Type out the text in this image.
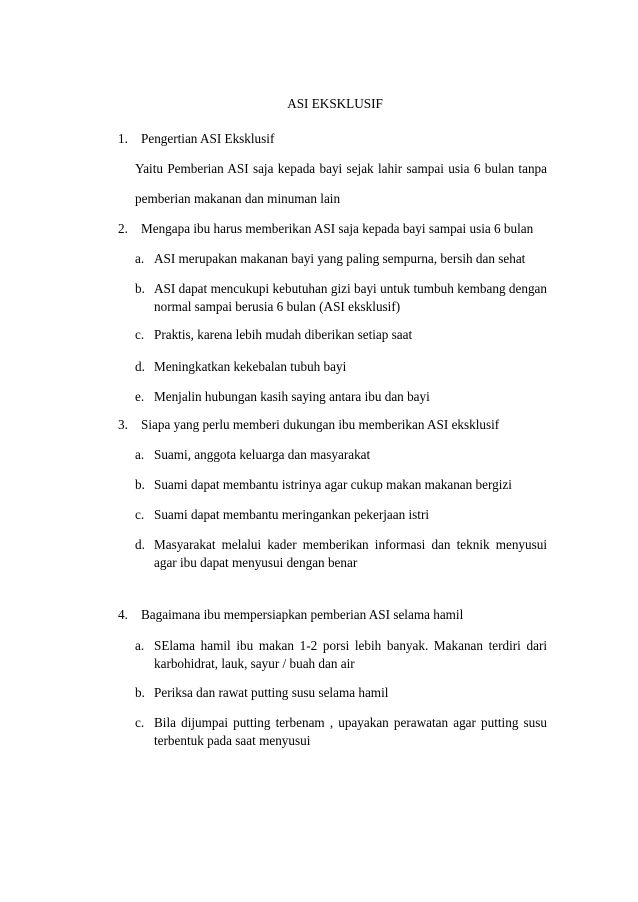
ASI EKSKLUSIF
1. Pengertian ASI Eksklusif
Yaitu Pemberian ASI saja kepada bayi sejak lahir sampai usia 6 bulan tanpa
pemberian makanan dan minuman lain
2. Mengapa ibu harus memberikan ASI saja kepada bayi sampai usia 6 bulan
a. ASI merupakan makanan bayi yang paling sempurna, bersih dan sehat
b. ASI dapat mencukupi kebutuhan gizi bayi untuk tumbuh kembang dengan normal sampai berusia 6 bulan (ASI eksklusif)
c. Praktis, karena lebih mudah diberikan setiap saat
d. Meningkatkan kekebalan tubuh bayi
e. Menjalin hubungan kasih saying antara ibu dan bayi
3. Siapa yang perlu memberi dukungan ibu memberikan ASI eksklusif
a. Suami, anggota keluarga dan masyarakat
b. Suami dapat membantu istrinya agar cukup makan makanan bergizi
c. Suami dapat membantu meringankan pekerjaan istri
d. Masyarakat melalui kader memberikan informasi dan teknik menyusui agar ibu dapat menyusui dengan benar
4. Bagaimana ibu mempersiapkan pemberian ASI selama hamil
a. SElama hamil ibu makan 1-2 porsi lebih banyak. Makanan terdiri dari karbohidrat, lauk, sayur / buah dan air
b. Periksa dan rawat putting susu selama hamil
c. Bila dijumpai putting terbenam , upayakan perawatan agar putting susu terbentuk pada saat menyusui
